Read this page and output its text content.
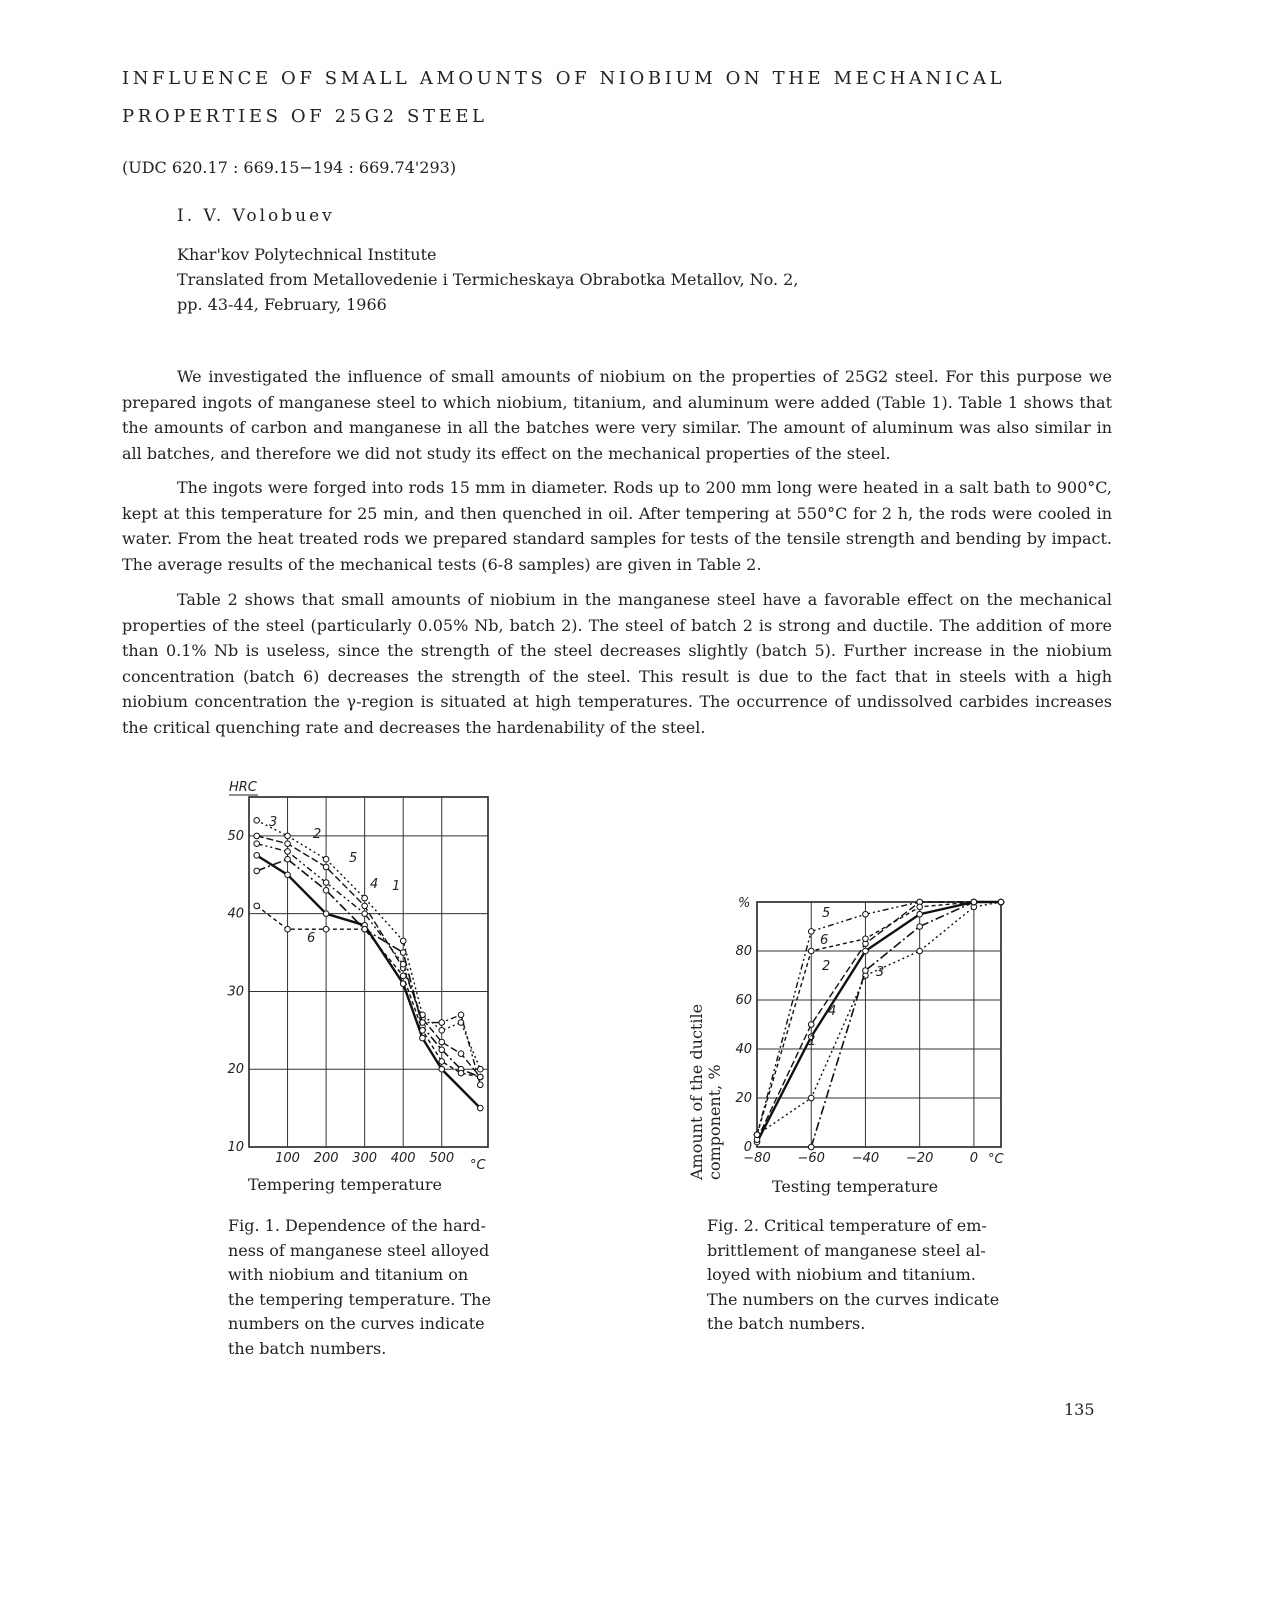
INFLUENCE OF SMALL AMOUNTS OF NIOBIUM ON THE MECHANICAL
PROPERTIES OF 25G2 STEEL
(UDC 620.17 : 669.15−194 : 669.74'293)
I. V. Volobuev
Khar'kov Polytechnical Institute
Translated from Metallovedenie i Termicheskaya Obrabotka Metallov, No. 2,
pp. 43-44, February, 1966

We investigated the influence of small amounts of niobium on the properties of 25G2 steel. For this purpose we prepared ingots of manganese steel to which niobium, titanium, and aluminum were added (Table 1). Table 1 shows that the amounts of carbon and manganese in all the batches were very similar. The amount of aluminum was also similar in all batches, and therefore we did not study its effect on the mechanical properties of the steel.

The ingots were forged into rods 15 mm in diameter. Rods up to 200 mm long were heated in a salt bath to 900°C, kept at this temperature for 25 min, and then quenched in oil. After tempering at 550°C for 2 h, the rods were cooled in water. From the heat treated rods we prepared standard samples for tests of the tensile strength and bending by impact. The average results of the mechanical tests (6-8 samples) are given in Table 2.

Table 2 shows that small amounts of niobium in the manganese steel have a favorable effect on the mechanical properties of the steel (particularly 0.05% Nb, batch 2). The steel of batch 2 is strong and ductile. The addition of more than 0.1% Nb is useless, since the strength of the steel decreases slightly (batch 5). Further increase in the niobium concentration (batch 6) decreases the strength of the steel. This result is due to the fact that in steels with a high niobium concentration the γ-region is situated at high temperatures. The occurrence of undissolved carbides increases the critical quenching rate and decreases the hardenability of the steel.

HRC
1
2
3
4
5
6
100 200 300 400 500
10
20
30
40
50
°C
Tempering temperature
Amount of the ductile component, %
%
1
2	3
4
5
6
−80 −60 −40 −20	0
0
20
40
60
80
°C
Testing temperature
Fig. 1. Dependence of the hard-
ness of manganese steel alloyed
with niobium and titanium on
the tempering temperature. The
numbers on the curves indicate
the batch numbers.
Fig. 2. Critical temperature of em-
brittlement of manganese steel al-
loyed with niobium and titanium.
The numbers on the curves indicate
the batch numbers.
135
